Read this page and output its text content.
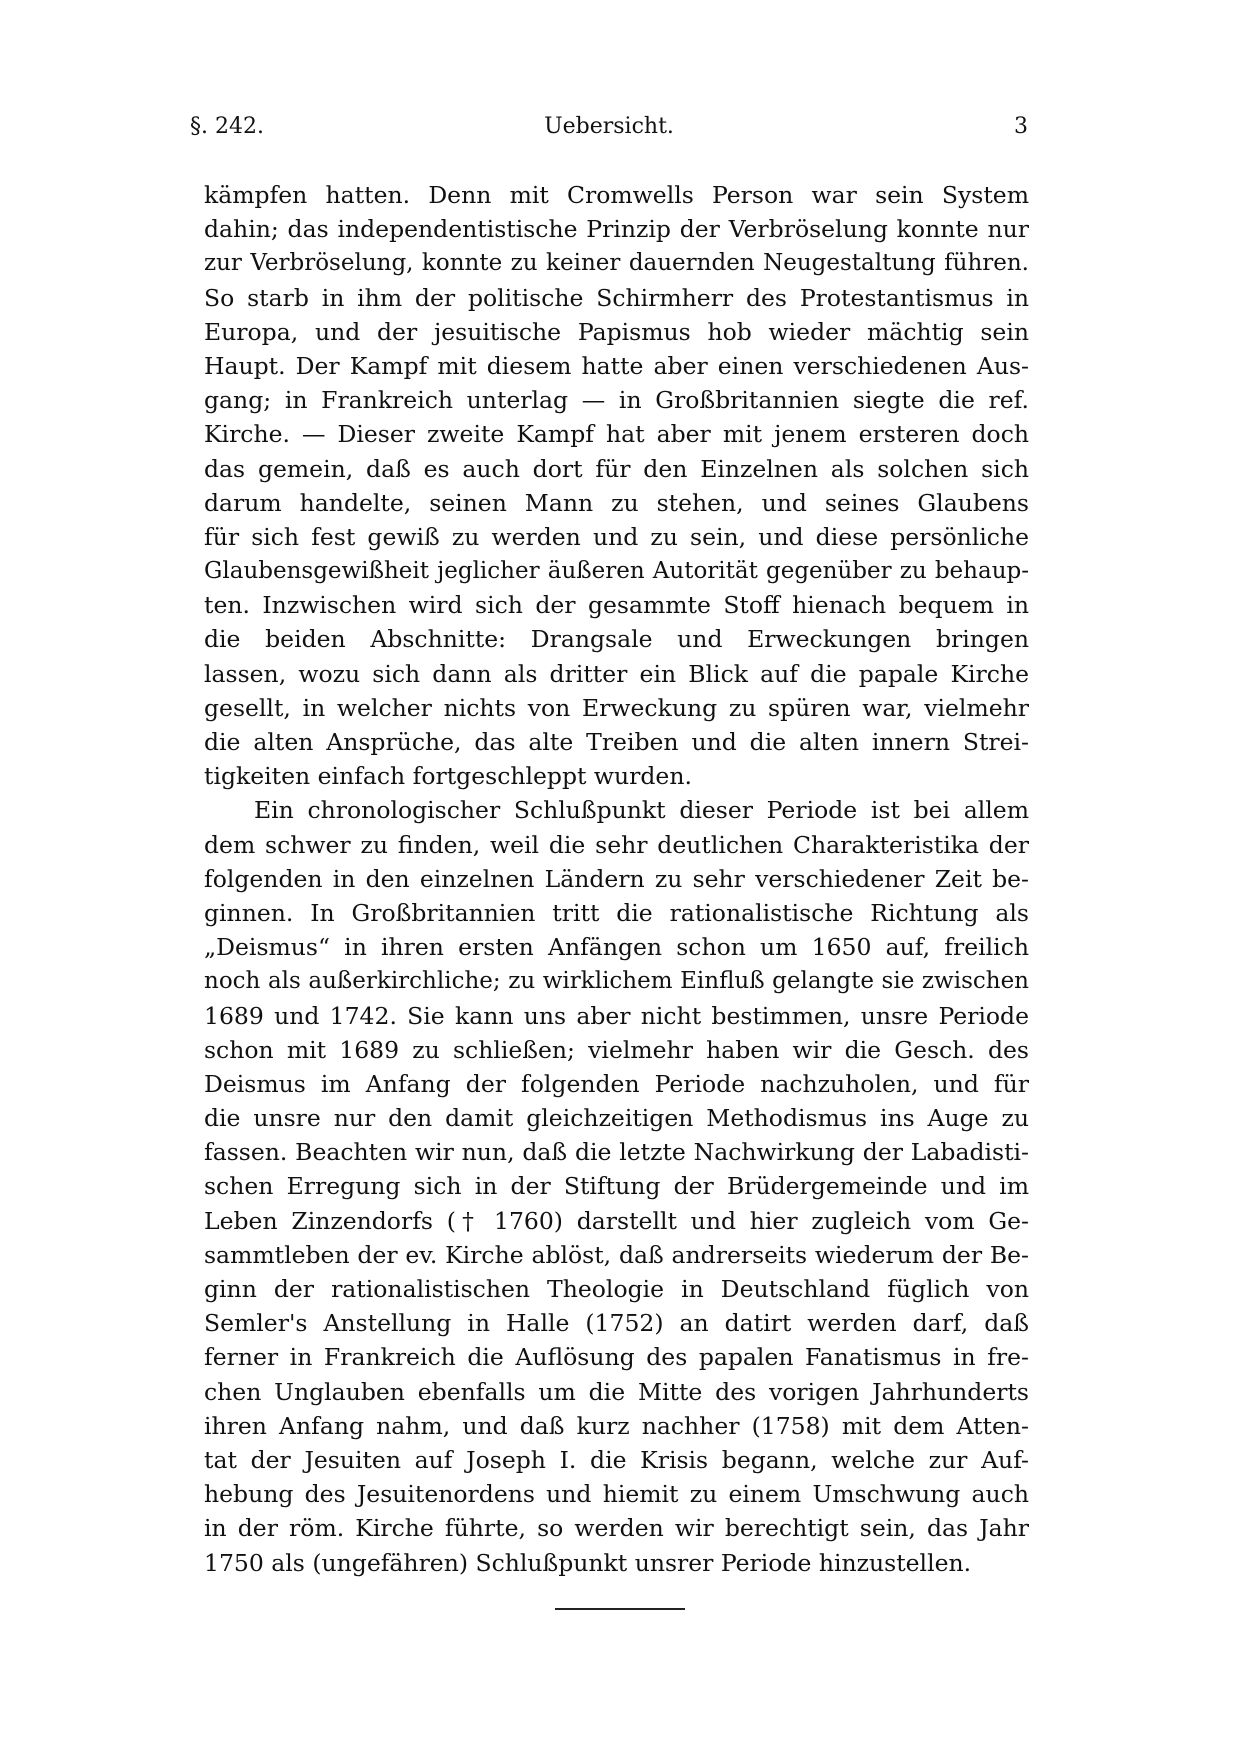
§. 242.	Uebersicht.	3
kämpfen hatten. Denn mit Cromwells Person war sein System
dahin; das independentistische Prinzip der Verbröselung konnte nur
zur Verbröselung, konnte zu keiner dauernden Neugestaltung führen.
So starb in ihm der politische Schirmherr des Protestantismus in
Europa, und der jesuitische Papismus hob wieder mächtig sein
Haupt. Der Kampf mit diesem hatte aber einen verschiedenen Aus-
gang; in Frankreich unterlag — in Großbritannien siegte die ref.
Kirche. — Dieser zweite Kampf hat aber mit jenem ersteren doch
das gemein, daß es auch dort für den Einzelnen als solchen sich
darum handelte, seinen Mann zu stehen, und seines Glaubens
für sich fest gewiß zu werden und zu sein, und diese persönliche
Glaubensgewißheit jeglicher äußeren Autorität gegenüber zu behaup-
ten. Inzwischen wird sich der gesammte Stoff hienach bequem in
die beiden Abschnitte: Drangsale und Erweckungen bringen
lassen, wozu sich dann als dritter ein Blick auf die papale Kirche
gesellt, in welcher nichts von Erweckung zu spüren war, vielmehr
die alten Ansprüche, das alte Treiben und die alten innern Strei-
tigkeiten einfach fortgeschleppt wurden.
Ein chronologischer Schlußpunkt dieser Periode ist bei allem
dem schwer zu finden, weil die sehr deutlichen Charakteristika der
folgenden in den einzelnen Ländern zu sehr verschiedener Zeit be-
ginnen. In Großbritannien tritt die rationalistische Richtung als
„Deismus“ in ihren ersten Anfängen schon um 1650 auf, freilich
noch als außerkirchliche; zu wirklichem Einfluß gelangte sie zwischen
1689 und 1742. Sie kann uns aber nicht bestimmen, unsre Periode
schon mit 1689 zu schließen; vielmehr haben wir die Gesch. des
Deismus im Anfang der folgenden Periode nachzuholen, und für
die unsre nur den damit gleichzeitigen Methodismus ins Auge zu
fassen. Beachten wir nun, daß die letzte Nachwirkung der Labadisti-
schen Erregung sich in der Stiftung der Brüdergemeinde und im
Leben Zinzendorfs († 1760) darstellt und hier zugleich vom Ge-
sammtleben der ev. Kirche ablöst, daß andrerseits wiederum der Be-
ginn der rationalistischen Theologie in Deutschland füglich von
Semler's Anstellung in Halle (1752) an datirt werden darf, daß
ferner in Frankreich die Auflösung des papalen Fanatismus in fre-
chen Unglauben ebenfalls um die Mitte des vorigen Jahrhunderts
ihren Anfang nahm, und daß kurz nachher (1758) mit dem Atten-
tat der Jesuiten auf Joseph I. die Krisis begann, welche zur Auf-
hebung des Jesuitenordens und hiemit zu einem Umschwung auch
in der röm. Kirche führte, so werden wir berechtigt sein, das Jahr
1750 als (ungefähren) Schlußpunkt unsrer Periode hinzustellen.
